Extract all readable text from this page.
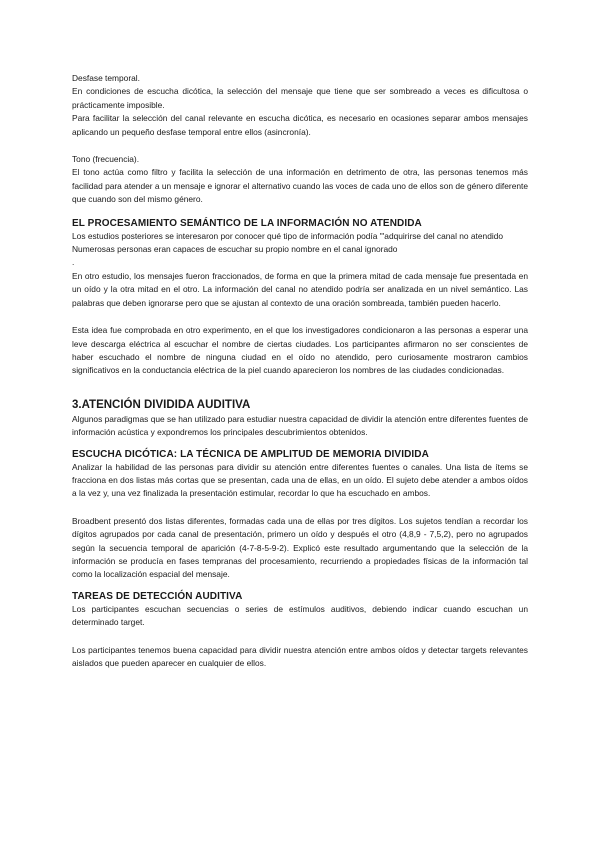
Desfase temporal.

En condiciones de escucha dicótica, la selección del mensaje que tiene que ser sombreado a veces es dificultosa o prácticamente imposible.

Para facilitar la selección del canal relevante en escucha dicótica, es necesario en ocasiones separar ambos mensajes aplicando un pequeño desfase temporal entre ellos (asincronía).

Tono (frecuencia).

El tono actúa como filtro y facilita la selección de una información en detrimento de otra, las personas tenemos más facilidad para atender a un mensaje e ignorar el alternativo cuando las voces de cada uno de ellos son de género diferente que cuando son del mismo género.

EL PROCESAMIENTO SEMÁNTICO DE LA INFORMACIÓN NO ATENDIDA

Los estudios posteriores se interesaron por conocer qué tipo de información podía "'adquirirse del canal no atendido

Numerosas personas eran capaces de escuchar su propio nombre en el canal ignorado

.

En otro estudio, los mensajes fueron fraccionados, de forma en que la primera mitad de cada mensaje fue presentada en un oído y la otra mitad en el otro. La información del canal no atendido podría ser analizada en un nivel semántico. Las palabras que deben ignorarse pero que se ajustan al contexto de una oración sombreada, también pueden hacerlo.

Esta idea fue comprobada en otro experimento, en el que los investigadores condicionaron a las personas a esperar una leve descarga eléctrica al escuchar el nombre de ciertas ciudades. Los participantes afirmaron no ser conscientes de haber escuchado el nombre de ninguna ciudad en el oído no atendido, pero curiosamente mostraron cambios significativos en la conductancia eléctrica de la piel cuando aparecieron los nombres de las ciudades condicionadas.

3.ATENCIÓN DIVIDIDA AUDITIVA

Algunos paradigmas que se han utilizado para estudiar nuestra capacidad de dividir la atención entre diferentes fuentes de información acústica y expondremos los principales descubrimientos obtenidos.

ESCUCHA DICÓTICA: LA TÉCNICA DE AMPLITUD DE MEMORIA DIVIDIDA

Analizar la habilidad de las personas para dividir su atención entre diferentes fuentes o canales. Una lista de ítems se fracciona en dos listas más cortas que se presentan, cada una de ellas, en un oído. El sujeto debe atender a ambos oídos a la vez y, una vez finalizada la presentación estimular, recordar lo que ha escuchado en ambos.

Broadbent presentó dos listas diferentes, formadas cada una de ellas por tres dígitos. Los sujetos tendían a recordar los dígitos agrupados por cada canal de presentación, primero un oído y después el otro (4,8,9 - 7,5,2), pero no agrupados según la secuencia temporal de aparición (4-7-8-5-9-2). Explicó este resultado argumentando que la selección de la información se producía en fases tempranas del procesamiento, recurriendo a propiedades físicas de la información tal como la localización espacial del mensaje.

TAREAS DE DETECCIÓN AUDITIVA

Los participantes escuchan secuencias o series de estímulos auditivos, debiendo indicar cuando escuchan un determinado target.

Los participantes tenemos buena capacidad para dividir nuestra atención entre ambos oídos y detectar targets relevantes aislados que pueden aparecer en cualquier de ellos.
